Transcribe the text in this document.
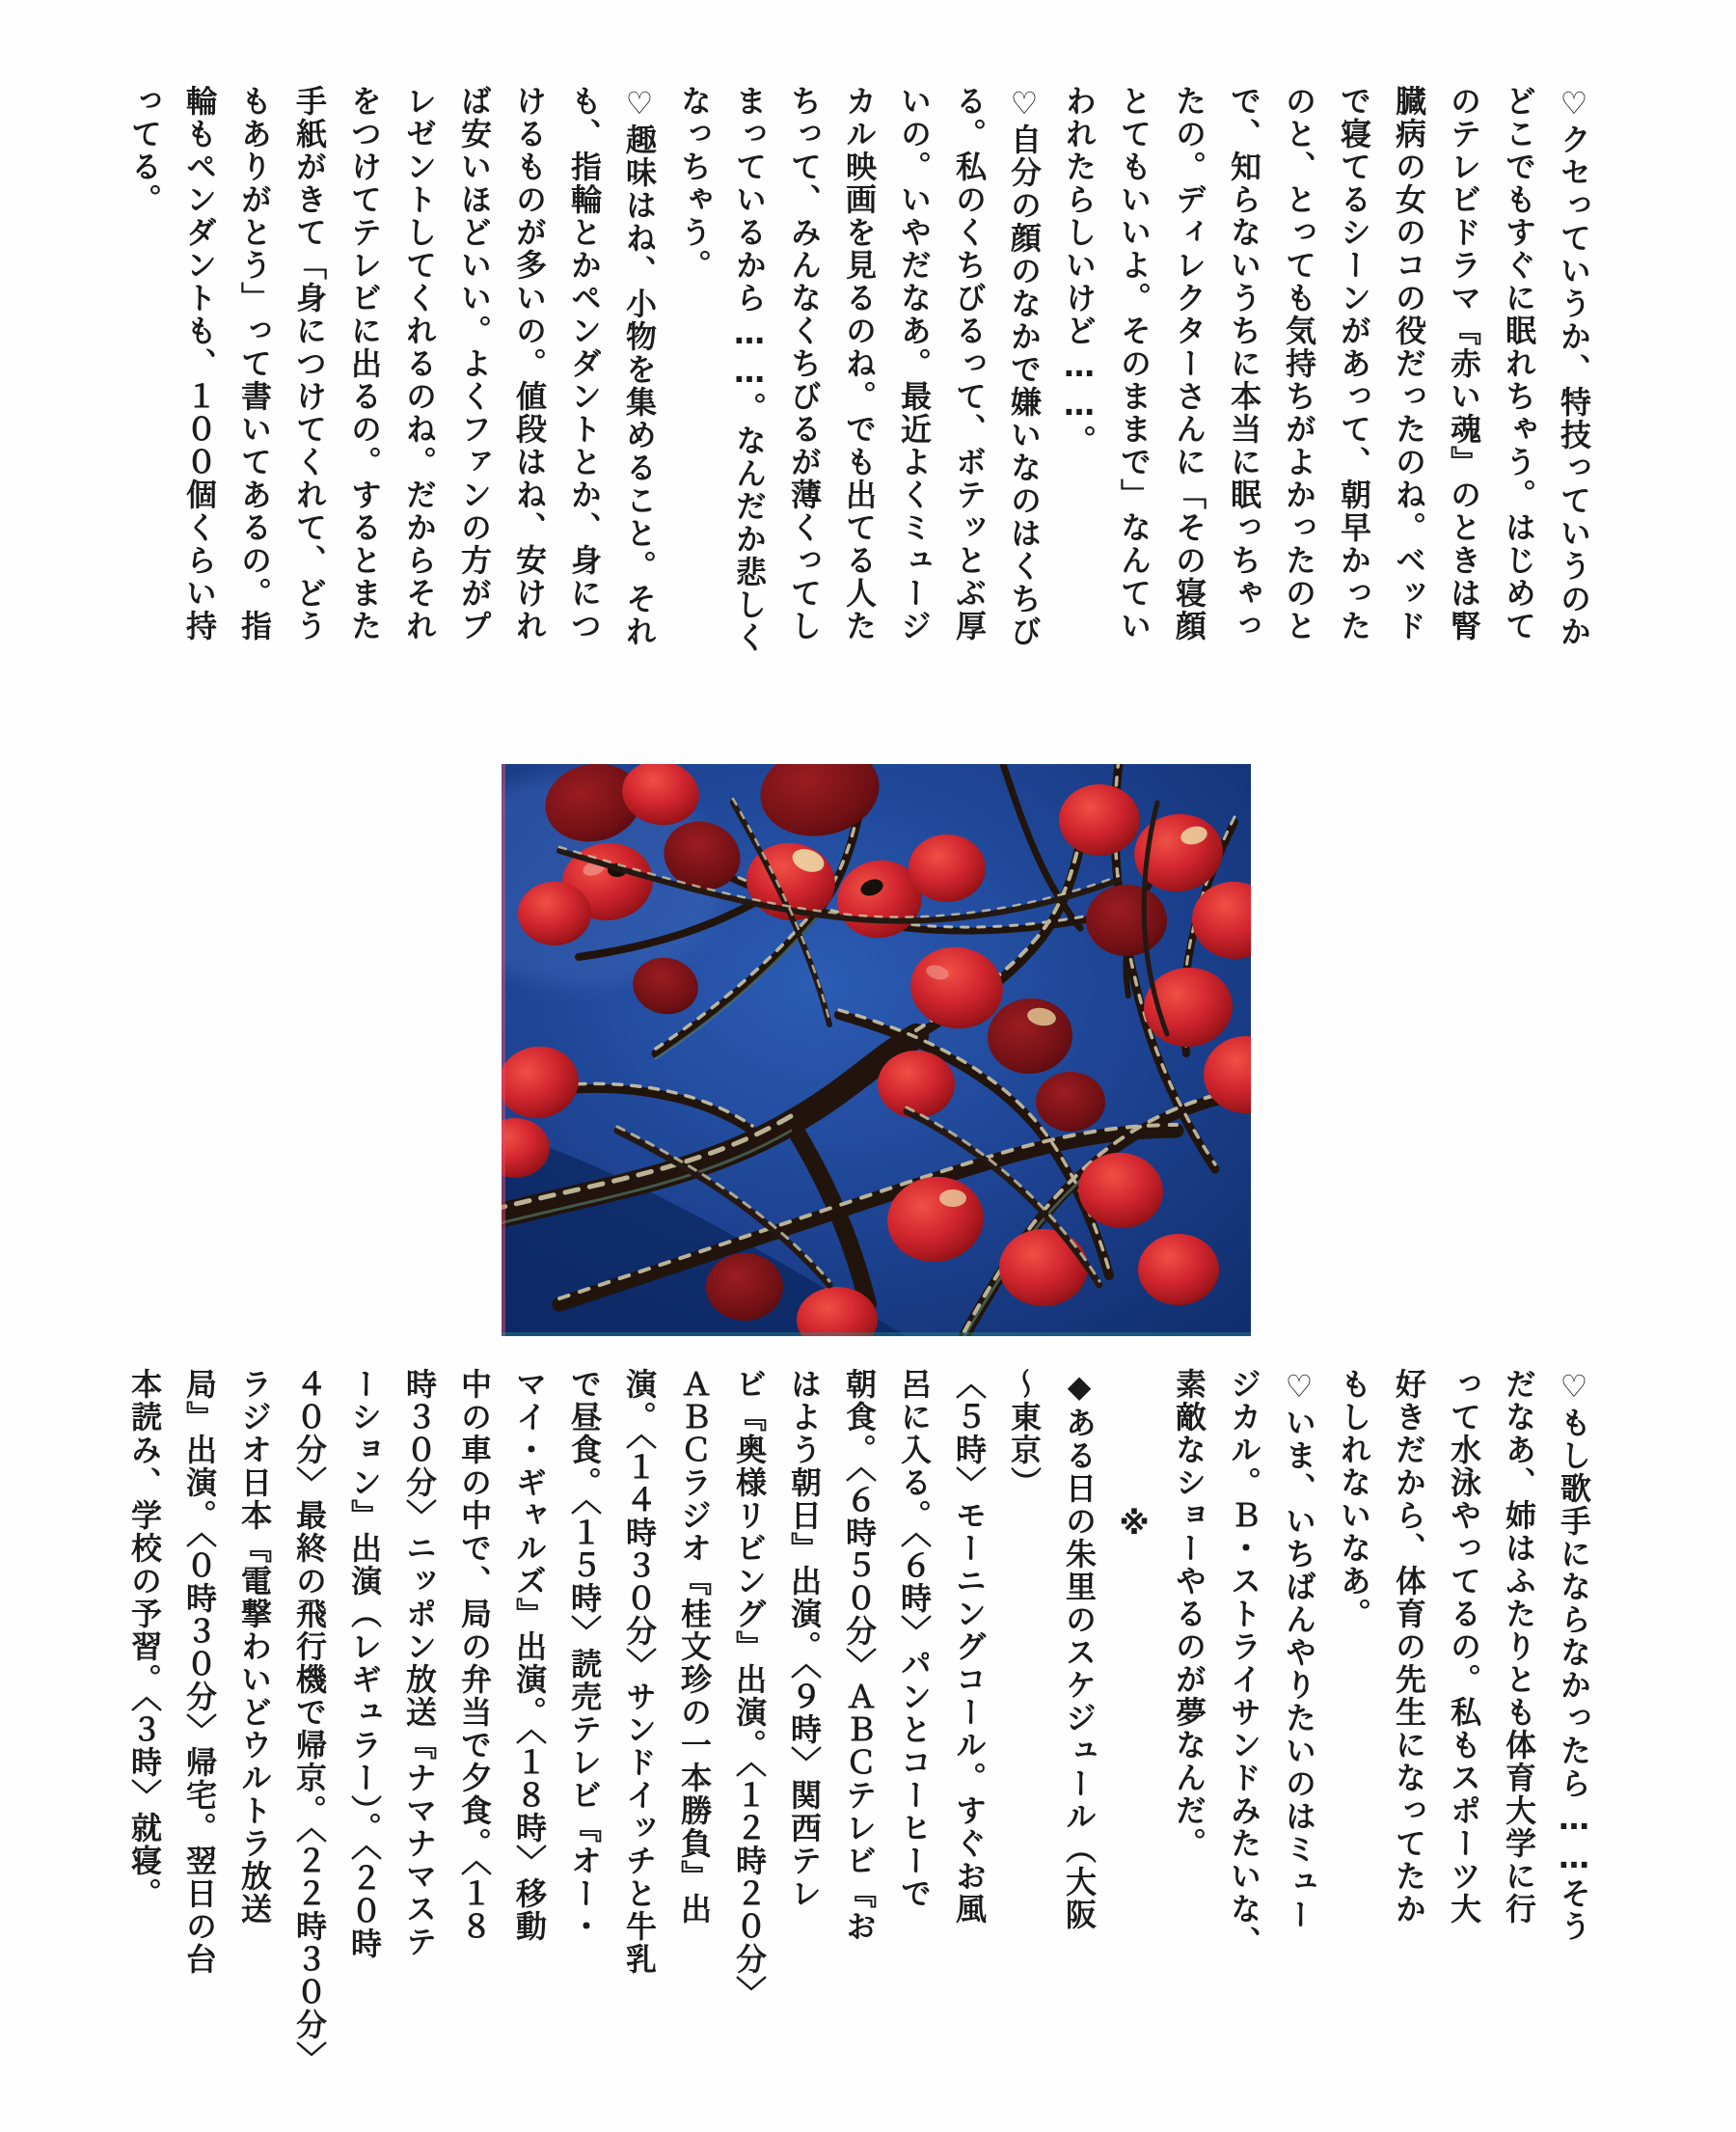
♡クセっていうか、特技っていうのか
どこでもすぐに眠れちゃう。はじめて
のテレビドラマ『赤い魂』のときは腎
臓病の女のコの役だったのね。ベッド
で寝てるシーンがあって、朝早かった
のと、とっても気持ちがよかったのと
で、知らないうちに本当に眠っちゃっ
たの。ディレクターさんに「その寝顔
とてもいいよ。そのままで」なんてい
われたらしいけど……。
♡自分の顔のなかで嫌いなのはくちび
る。私のくちびるって、ボテッとぶ厚
いの。いやだなあ。最近よくミュージ
カル映画を見るのね。でも出てる人た
ちって、みんなくちびるが薄くってし
まっているから……。なんだか悲しく
なっちゃう。
♡趣味はね、小物を集めること。それ
も、指輪とかペンダントとか、身につ
けるものが多いの。値段はね、安けれ
ば安いほどいい。よくファンの方がプ
レゼントしてくれるのね。だからそれ
をつけてテレビに出るの。するとまた
手紙がきて「身につけてくれて、どう
もありがとう」って書いてあるの。指
輪もペンダントも、１００個くらい持
ってる。
♡もし歌手にならなかったら……そう
だなあ、姉はふたりとも体育大学に行
って水泳やってるの。私もスポーツ大
好きだから、体育の先生になってたか
もしれないなあ。
♡いま、いちばんやりたいのはミュー
ジカル。Ｂ・ストライサンドみたいな、
素敵なショーやるのが夢なんだ。
※
◆ある日の朱里のスケジュール（大阪
〜東京）
〈５時〉モーニングコール。すぐお風
呂に入る。〈６時〉パンとコーヒーで
朝食。〈６時５０分〉ＡＢＣテレビ『お
はよう朝日』出演。〈９時〉関西テレ
ビ『奥様リビング』出演。〈１２時２０分〉
ＡＢＣラジオ『桂文珍の一本勝負』出
演。〈１４時３０分〉サンドイッチと牛乳
で昼食。〈１５時〉読売テレビ『オー・
マイ・ギャルズ』出演。〈１８時〉移動
中の車の中で、局の弁当で夕食。〈１８
時３０分〉ニッポン放送『ナマナマステ
ーション』出演（レギュラー）。〈２０時
４０分〉最終の飛行機で帰京。〈２２時３０分〉
ラジオ日本『電撃わいどウルトラ放送
局』出演。〈０時３０分〉帰宅。翌日の台
本読み、学校の予習。〈３時〉就寝。
